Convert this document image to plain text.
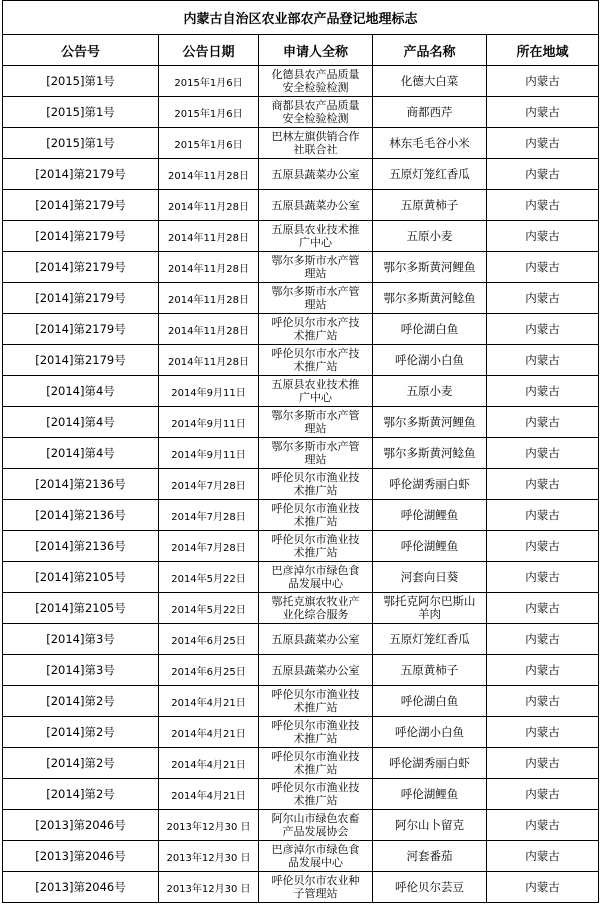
内蒙古自治区农业部农产品登记地理标志				
公告号	公告日期	申请人全称	产品名称	所在地域
[2015]第1号	2015年1月6日	化德县农产品质量安全检验检测	化德大白菜	内蒙古
[2015]第1号	2015年1月6日	商都县农产品质量安全检验检测	商都西芹	内蒙古
[2015]第1号	2015年1月6日	巴林左旗供销合作社联合社	林东毛毛谷小米	内蒙古
[2014]第2179号	2014年11月28日	五原县蔬菜办公室	五原灯笼红香瓜	内蒙古
[2014]第2179号	2014年11月28日	五原县蔬菜办公室	五原黄柿子	内蒙古
[2014]第2179号	2014年11月28日	五原县农业技术推广中心	五原小麦	内蒙古
[2014]第2179号	2014年11月28日	鄂尔多斯市水产管理站	鄂尔多斯黄河鲤鱼	内蒙古
[2014]第2179号	2014年11月28日	鄂尔多斯市水产管理站	鄂尔多斯黄河鲶鱼	内蒙古
[2014]第2179号	2014年11月28日	呼伦贝尔市水产技术推广站	呼伦湖白鱼	内蒙古
[2014]第2179号	2014年11月28日	呼伦贝尔市水产技术推广站	呼伦湖小白鱼	内蒙古
[2014]第4号	2014年9月11日	五原县农业技术推广中心	五原小麦	内蒙古
[2014]第4号	2014年9月11日	鄂尔多斯市水产管理站	鄂尔多斯黄河鲤鱼	内蒙古
[2014]第4号	2014年9月11日	鄂尔多斯市水产管理站	鄂尔多斯黄河鲶鱼	内蒙古
[2014]第2136号	2014年7月28日	呼伦贝尔市渔业技术推广站	呼伦湖秀丽白虾	内蒙古
[2014]第2136号	2014年7月28日	呼伦贝尔市渔业技术推广站	呼伦湖鲤鱼	内蒙古
[2014]第2136号	2014年7月28日	呼伦贝尔市渔业技术推广站	呼伦湖鲤鱼	内蒙古
[2014]第2105号	2014年5月22日	巴彦淖尔市绿色食品发展中心	河套向日葵	内蒙古
[2014]第2105号	2014年5月22日	鄂托克旗农牧业产业化综合服务	鄂托克阿尔巴斯山羊肉	内蒙古
[2014]第3号	2014年6月25日	五原县蔬菜办公室	五原灯笼红香瓜	内蒙古
[2014]第3号	2014年6月25日	五原县蔬菜办公室	五原黄柿子	内蒙古
[2014]第2号	2014年4月21日	呼伦贝尔市渔业技术推广站	呼伦湖白鱼	内蒙古
[2014]第2号	2014年4月21日	呼伦贝尔市渔业技术推广站	呼伦湖小白鱼	内蒙古
[2014]第2号	2014年4月21日	呼伦贝尔市渔业技术推广站	呼伦湖秀丽白虾	内蒙古
[2014]第2号	2014年4月21日	呼伦贝尔市渔业技术推广站	呼伦湖鲤鱼	内蒙古
[2013]第2046号	2013年12月30 日	阿尔山市绿色农畜产品发展协会	阿尔山卜留克	内蒙古
[2013]第2046号	2013年12月30 日	巴彦淖尔市绿色食品发展中心	河套番茄	内蒙古
[2013]第2046号	2013年12月30 日	呼伦贝尔市农业种子管理站	呼伦贝尔芸豆	内蒙古
